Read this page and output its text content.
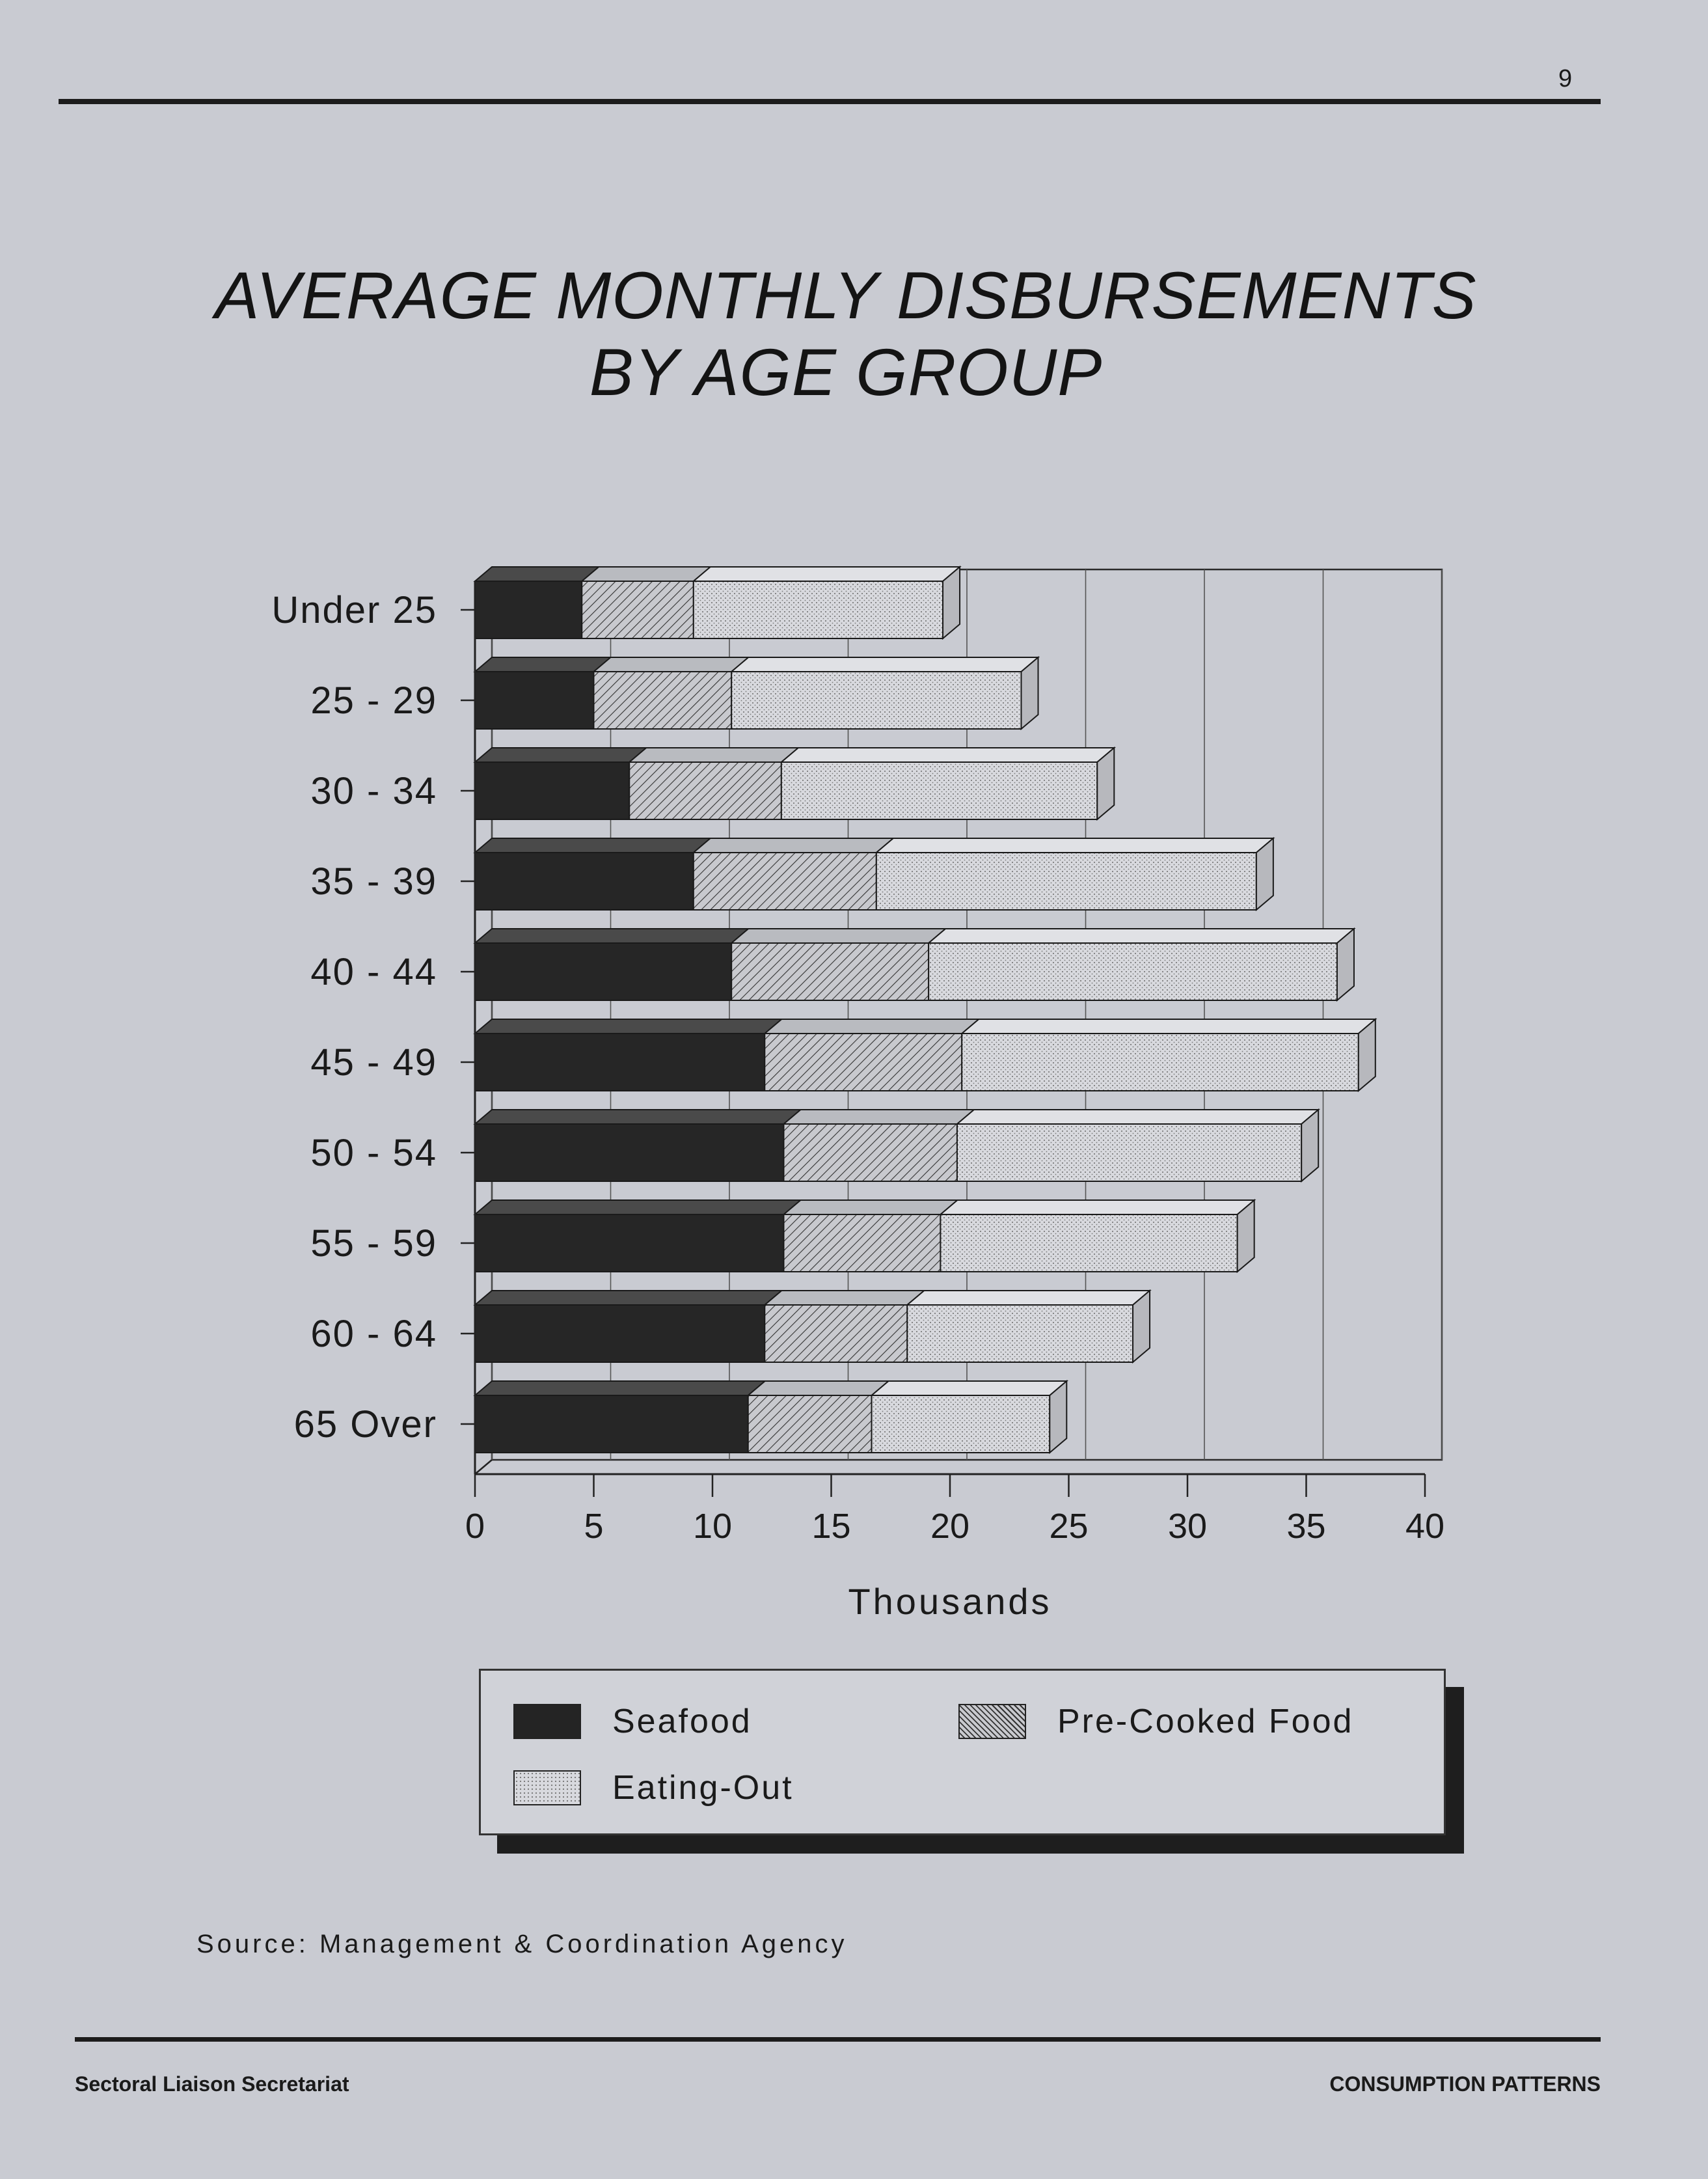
9
AVERAGE MONTHLY DISBURSEMENTS
BY AGE GROUP
0	5	10 15 20 25 30 35 40
Thousands
Under 25
25 - 29
30 - 34
35 - 39
40 - 44
45 - 49
50 - 54
55 - 59
60 - 64
65 Over
Seafood	Pre-Cooked Food
Eating-Out
Source: Management & Coordination Agency
Sectoral Liaison Secretariat	CONSUMPTION PATTERNS
